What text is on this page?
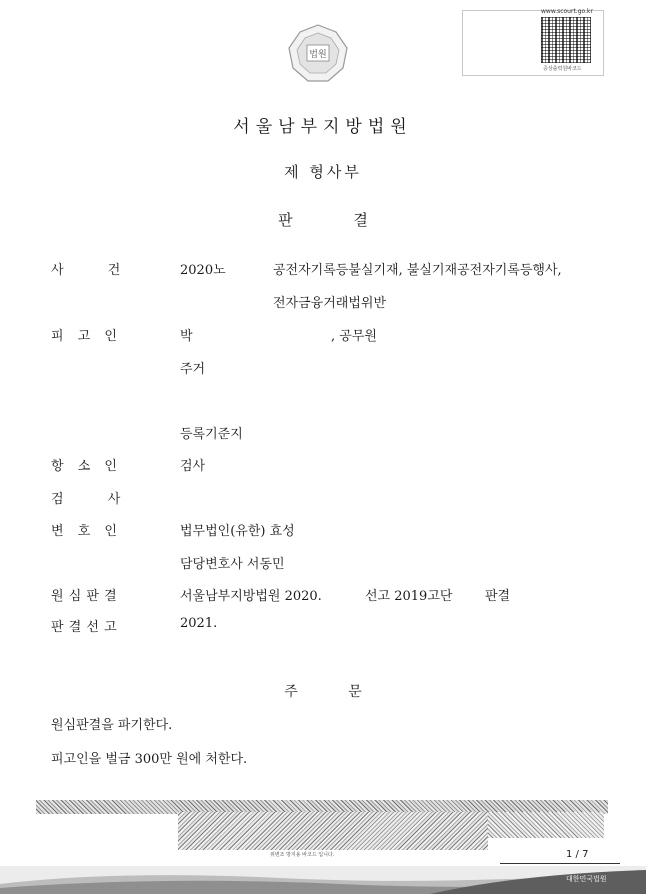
법원
www.scourt.go.kr
증상출력원바코드
서울남부지방법원
제 형사부
판 결
사 건	2020노	공전자기록등불실기재, 불실기재공전자기록등행사,
전자금융거래법위반
피 고 인	박	, 공무원
주거
등록기준지
항 소 인	검사
검 사
변 호 인	법무법인(유한) 효성
담당변호사 서동민
원 심 판 결	서울남부지방법원 2020.	선고 2019고단	판결
판 결 선 고	2021.
주 문
원심판결을 파기한다.
피고인을 벌금 300만 원에 처한다.
위변조 방지용 바코드 입니다.	1 / 7
대한민국법원
